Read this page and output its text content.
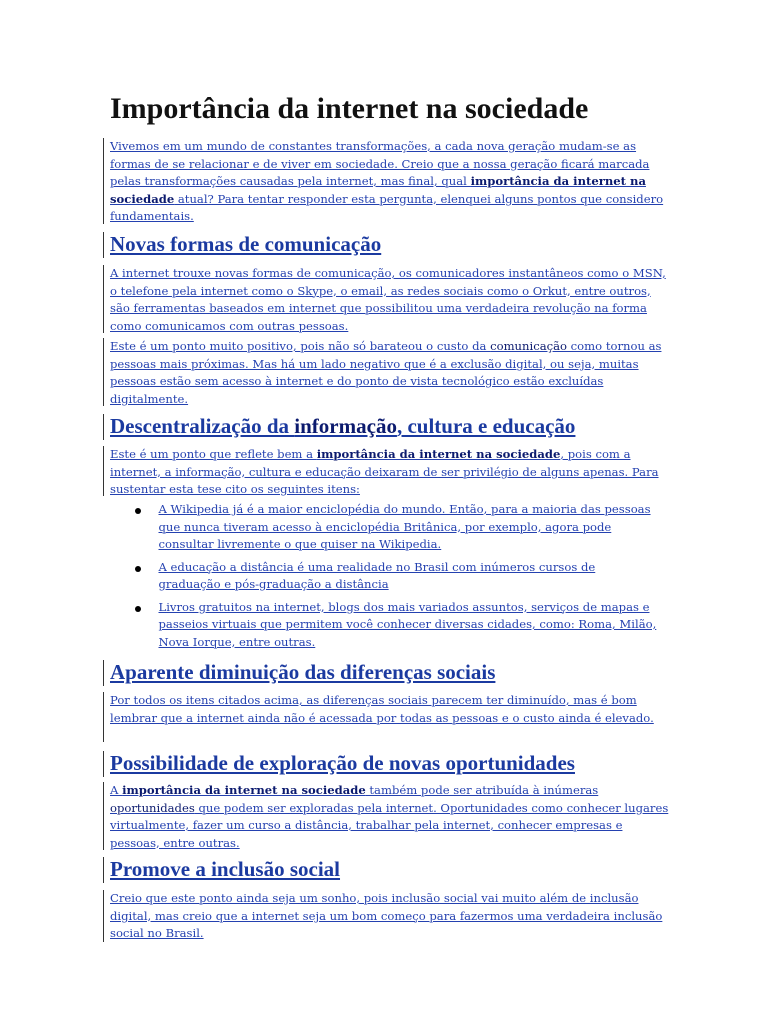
Importância da internet na sociedade

Vivemos em um mundo de constantes transformações, a cada nova geração mudam-se as formas de se relacionar e de viver em sociedade. Creio que a nossa geração ficará marcada pelas transformações causadas pela internet, mas final, qual importância da internet na sociedade atual? Para tentar responder esta pergunta, elenquei alguns pontos que considero fundamentais.

Novas formas de comunicação

A internet trouxe novas formas de comunicação, os comunicadores instantâneos como o MSN, o telefone pela internet como o Skype, o email, as redes sociais como o Orkut, entre outros, são ferramentas baseados em internet que possibilitou uma verdadeira revolução na forma como comunicamos com outras pessoas.

Este é um ponto muito positivo, pois não só barateou o custo da comunicação como tornou as pessoas mais próximas. Mas há um lado negativo que é a exclusão digital, ou seja, muitas pessoas estão sem acesso à internet e do ponto de vista tecnológico estão excluídas digitalmente.

Descentralização da informação, cultura e educação

Este é um ponto que reflete bem a importância da internet na sociedade, pois com a internet, a informação, cultura e educação deixaram de ser privilégio de alguns apenas. Para sustentar esta tese cito os seguintes itens:

A Wikipedia já é a maior enciclopédia do mundo. Então, para a maioria das pessoas que nunca tiveram acesso à enciclopédia Britânica, por exemplo, agora pode consultar livremente o que quiser na Wikipedia.
A educação a distância é uma realidade no Brasil com inúmeros cursos de graduação e pós-graduação a distância
Livros gratuitos na internet, blogs dos mais variados assuntos, serviços de mapas e passeios virtuais que permitem você conhecer diversas cidades, como: Roma, Milão, Nova Iorque, entre outras.
Aparente diminuição das diferenças sociais

Por todos os itens citados acima, as diferenças sociais parecem ter diminuído, mas é bom lembrar que a internet ainda não é acessada por todas as pessoas e o custo ainda é elevado.

Possibilidade de exploração de novas oportunidades

A importância da internet na sociedade também pode ser atribuída à inúmeras oportunidades que podem ser exploradas pela internet. Oportunidades como conhecer lugares virtualmente, fazer um curso a distância, trabalhar pela internet, conhecer empresas e pessoas, entre outras.

Promove a inclusão social

Creio que este ponto ainda seja um sonho, pois inclusão social vai muito além de inclusão digital, mas creio que a internet seja um bom começo para fazermos uma verdadeira inclusão social no Brasil.
